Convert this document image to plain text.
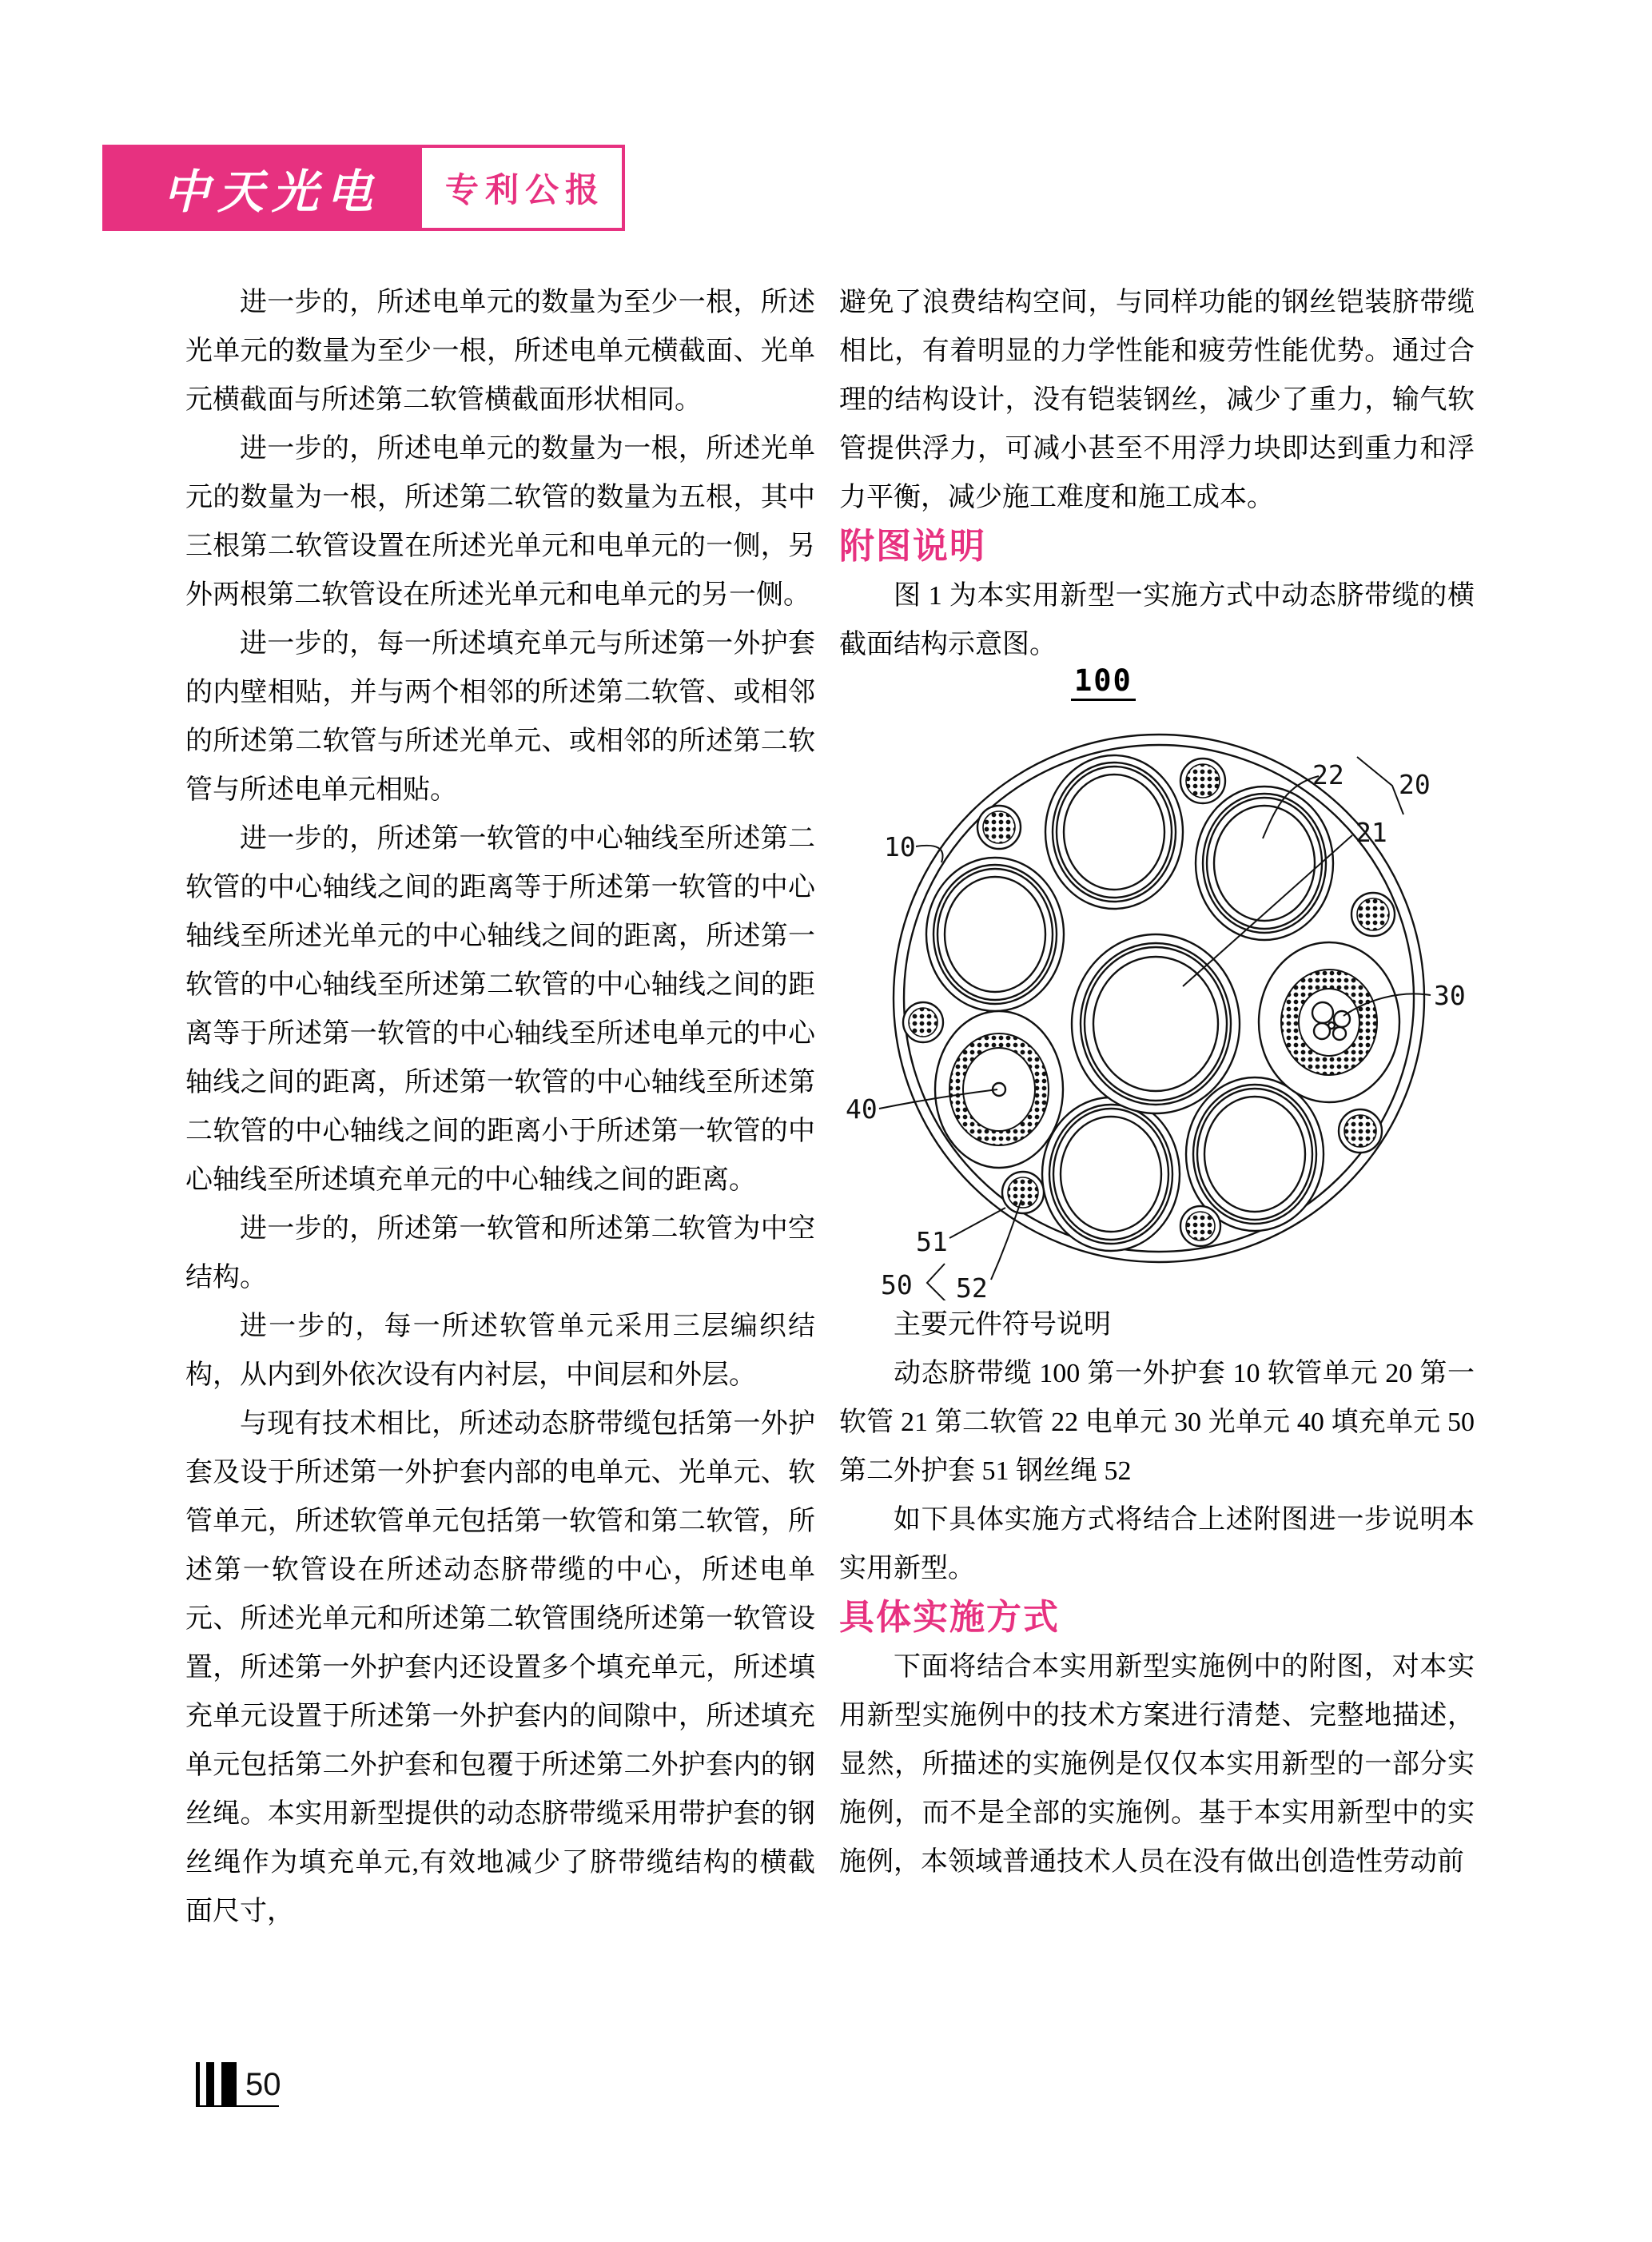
中天光电 专利公报

进一步的，所述电单元的数量为至少一根，所述光单元的数量为至少一根，所述电单元横截面、光单元横截面与所述第二软管横截面形状相同。

进一步的，所述电单元的数量为一根，所述光单元的数量为一根，所述第二软管的数量为五根，其中三根第二软管设置在所述光单元和电单元的一侧，另外两根第二软管设在所述光单元和电单元的另一侧。

进一步的，每一所述填充单元与所述第一外护套的内壁相贴，并与两个相邻的所述第二软管、或相邻的所述第二软管与所述光单元、或相邻的所述第二软管与所述电单元相贴。

进一步的，所述第一软管的中心轴线至所述第二软管的中心轴线之间的距离等于所述第一软管的中心轴线至所述光单元的中心轴线之间的距离，所述第一软管的中心轴线至所述第二软管的中心轴线之间的距离等于所述第一软管的中心轴线至所述电单元的中心轴线之间的距离，所述第一软管的中心轴线至所述第二软管的中心轴线之间的距离小于所述第一软管的中心轴线至所述填充单元的中心轴线之间的距离。

进一步的，所述第一软管和所述第二软管为中空结构。

进一步的，每一所述软管单元采用三层编织结构，从内到外依次设有内衬层，中间层和外层。

与现有技术相比，所述动态脐带缆包括第一外护套及设于所述第一外护套内部的电单元、光单元、软管单元，所述软管单元包括第一软管和第二软管，所述第一软管设在所述动态脐带缆的中心，所述电单元、所述光单元和所述第二软管围绕所述第一软管设置，所述第一外护套内还设置多个填充单元，所述填充单元设置于所述第一外护套内的间隙中，所述填充单元包括第二外护套和包覆于所述第二外护套内的钢丝绳。本实用新型提供的动态脐带缆采用带护套的钢丝绳作为填充单元,有效地减少了脐带缆结构的横截面尺寸，

避免了浪费结构空间，与同样功能的钢丝铠装脐带缆相比，有着明显的力学性能和疲劳性能优势。通过合理的结构设计，没有铠装钢丝，减少了重力，输气软管提供浮力，可减小甚至不用浮力块即达到重力和浮力平衡，减少施工难度和施工成本。

附图说明

图 1 为本实用新型一实施方式中动态脐带缆的横截面结构示意图。

100
10
22 20
21
30
40
51
50 52

主要元件符号说明

动态脐带缆 100 第一外护套 10 软管单元 20 第一软管 21 第二软管 22 电单元 30 光单元 40 填充单元 50 第二外护套 51 钢丝绳 52

如下具体实施方式将结合上述附图进一步说明本实用新型。

具体实施方式

下面将结合本实用新型实施例中的附图，对本实用新型实施例中的技术方案进行清楚、完整地描述，显然，所描述的实施例是仅仅本实用新型的一部分实施例，而不是全部的实施例。基于本实用新型中的实施例，本领域普通技术人员在没有做出创造性劳动前

50
